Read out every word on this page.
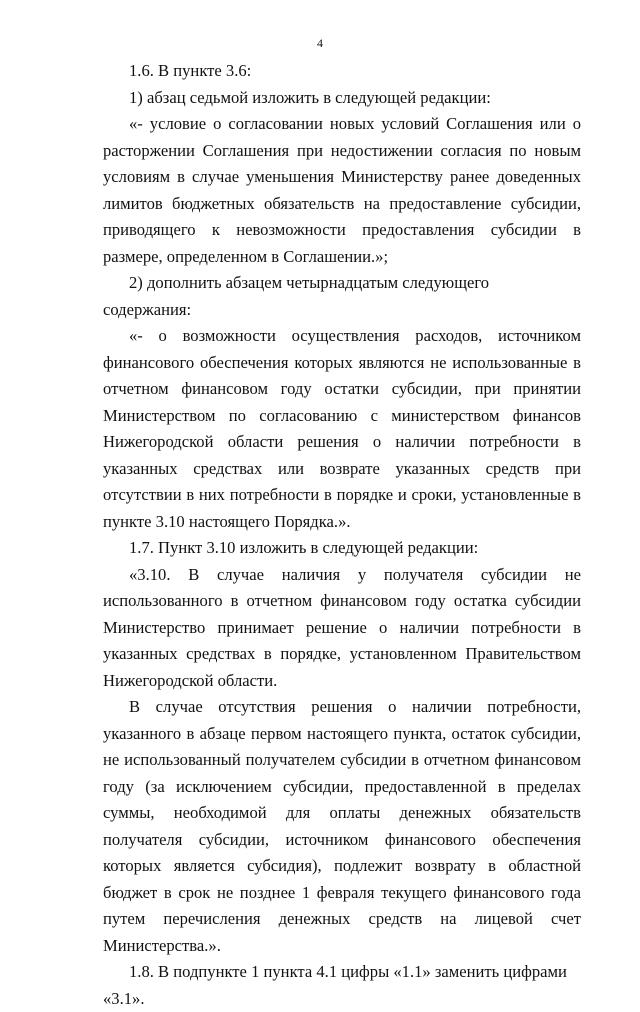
4

1.6. В пункте 3.6:

1) абзац седьмой изложить в следующей редакции:

«- условие о согласовании новых условий Соглашения или о расторжении Соглашения при недостижении согласия по новым условиям в случае уменьшения Министерству ранее доведенных лимитов бюджетных обязательств на предоставление субсидии, приводящего к невозможности предоставления субсидии в размере, определенном в Соглашении.»;

2) дополнить абзацем четырнадцатым следующего содержания:

«- о возможности осуществления расходов, источником финансового обеспечения которых являются не использованные в отчетном финансовом году остатки субсидии, при принятии Министерством по согласованию с министерством финансов Нижегородской области решения о наличии потребности в указанных средствах или возврате указанных средств при отсутствии в них потребности в порядке и сроки, установленные в пункте 3.10 настоящего Порядка.».

1.7. Пункт 3.10 изложить в следующей редакции:

«3.10. В случае наличия у получателя субсидии не использованного в отчетном финансовом году остатка субсидии Министерство принимает решение о наличии потребности в указанных средствах в порядке, установленном Правительством Нижегородской области.

В случае отсутствия решения о наличии потребности, указанного в абзаце первом настоящего пункта, остаток субсидии, не использованный получателем субсидии в отчетном финансовом году (за исключением субсидии, предоставленной в пределах суммы, необходимой для оплаты денежных обязательств получателя субсидии, источником финансового обеспечения которых является субсидия), подлежит возврату в областной бюджет в срок не позднее 1 февраля текущего финансового года путем перечисления денежных средств на лицевой счет Министерства.».

1.8. В подпункте 1 пункта 4.1 цифры «1.1» заменить цифрами «3.1».
